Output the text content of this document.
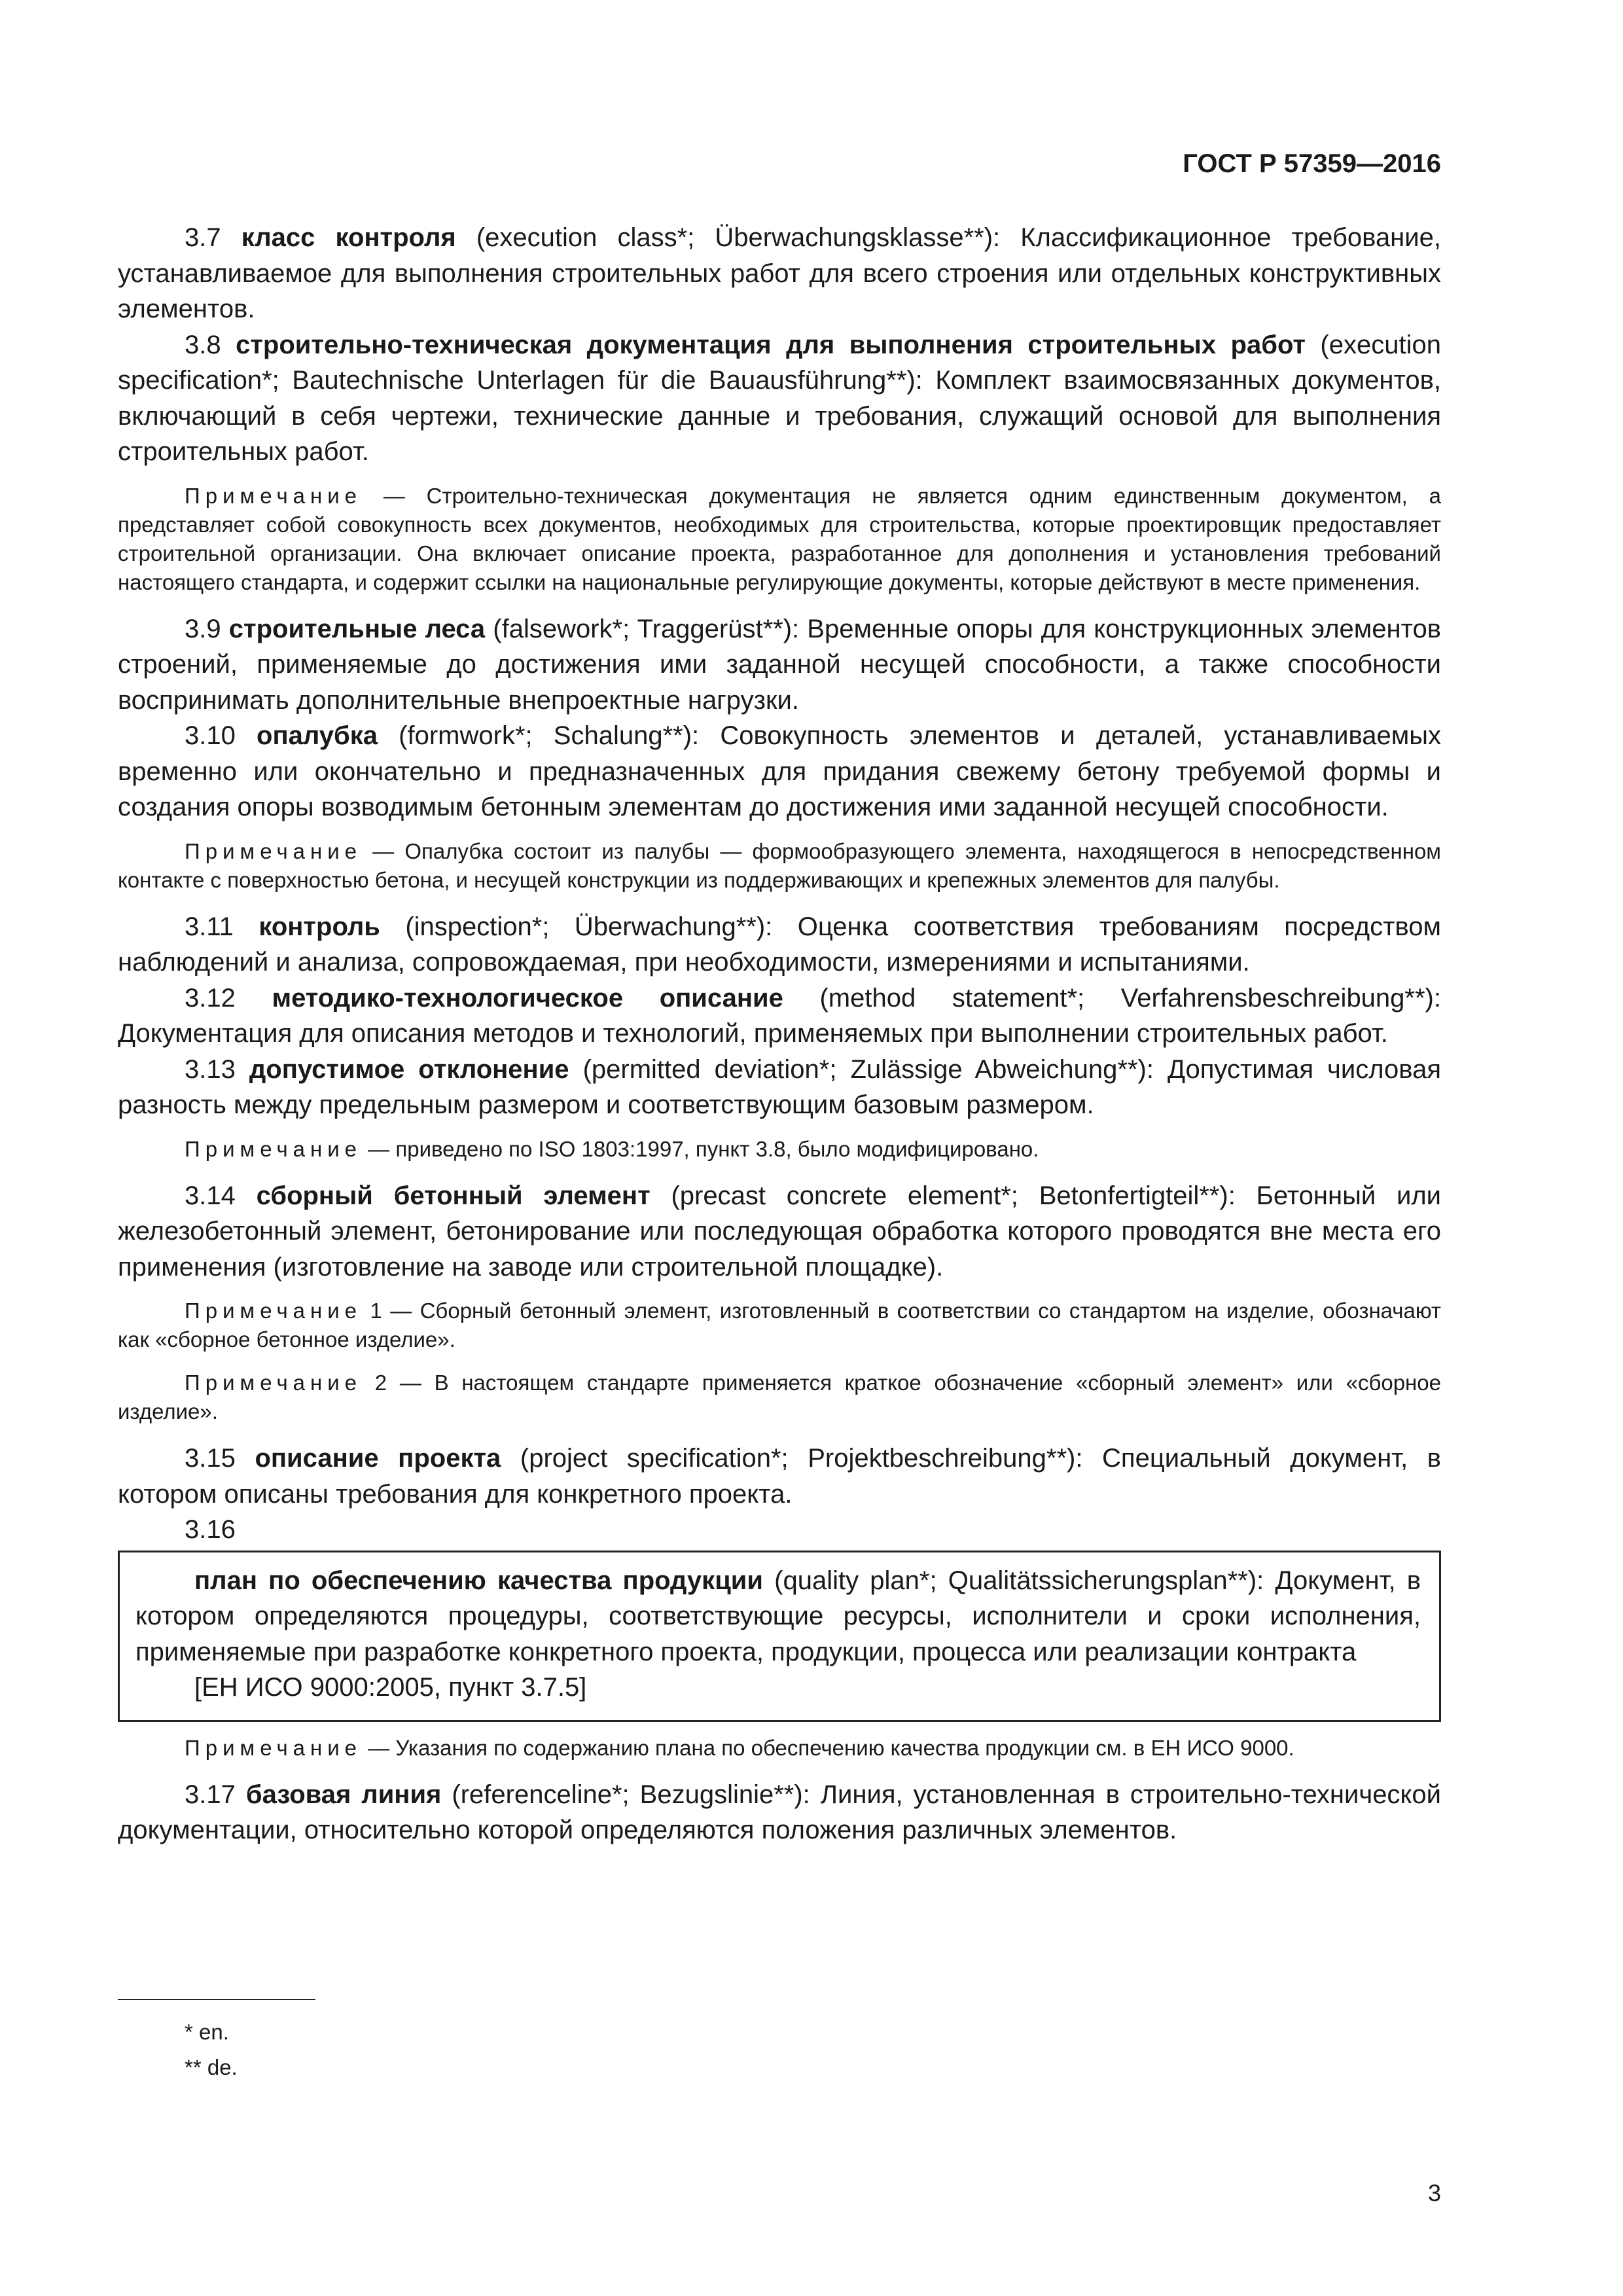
ГОСТ Р 57359—2016

3.7 класс контроля (execution class*; Überwachungsklasse**): Классификационное требование, устанавливаемое для выполнения строительных работ для всего строения или отдельных конструктивных элементов.

3.8 строительно-техническая документация для выполнения строительных работ (execution specification*; Bautechnische Unterlagen für die Bauausführung**): Комплект взаимосвязанных документов, включающий в себя чертежи, технические данные и требования, служащий основой для выполнения строительных работ.

Примечание — Строительно-техническая документация не является одним единственным документом, а представляет собой совокупность всех документов, необходимых для строительства, которые проектировщик предоставляет строительной организации. Она включает описание проекта, разработанное для дополнения и установления требований настоящего стандарта, и содержит ссылки на национальные регулирующие документы, которые действуют в месте применения.

3.9 строительные леса (falsework*; Traggerüst**): Временные опоры для конструкционных элементов строений, применяемые до достижения ими заданной несущей способности, а также способности воспринимать дополнительные внепроектные нагрузки.

3.10 опалубка (formwork*; Schalung**): Совокупность элементов и деталей, устанавливаемых временно или окончательно и предназначенных для придания свежему бетону требуемой формы и создания опоры возводимым бетонным элементам до достижения ими заданной несущей способности.

Примечание — Опалубка состоит из палубы — формообразующего элемента, находящегося в непосредственном контакте с поверхностью бетона, и несущей конструкции из поддерживающих и крепежных элементов для палубы.

3.11 контроль (inspection*; Überwachung**): Оценка соответствия требованиям посредством наблюдений и анализа, сопровождаемая, при необходимости, измерениями и испытаниями.

3.12 методико-технологическое описание (method statement*; Verfahrensbeschreibung**): Документация для описания методов и технологий, применяемых при выполнении строительных работ.

3.13 допустимое отклонение (permitted deviation*; Zulässige Abweichung**): Допустимая числовая разность между предельным размером и соответствующим базовым размером.

Примечание — приведено по ISO 1803:1997, пункт 3.8, было модифицировано.

3.14 сборный бетонный элемент (precast concrete element*; Betonfertigteil**): Бетонный или железобетонный элемент, бетонирование или последующая обработка которого проводятся вне места его применения (изготовление на заводе или строительной площадке).

Примечание 1 — Сборный бетонный элемент, изготовленный в соответствии со стандартом на изделие, обозначают как «сборное бетонное изделие».

Примечание 2 — В настоящем стандарте применяется краткое обозначение «сборный элемент» или «сборное изделие».

3.15 описание проекта (project specification*; Projektbeschreibung**): Специальный документ, в котором описаны требования для конкретного проекта.

3.16

план по обеспечению качества продукции (quality plan*; Qualitätssicherungsplan**): Документ, в котором определяются процедуры, соответствующие ресурсы, исполнители и сроки исполнения, применяемые при разработке конкретного проекта, продукции, процесса или реализации контракта

[ЕН ИСО 9000:2005, пункт 3.7.5]

Примечание — Указания по содержанию плана по обеспечению качества продукции см. в ЕН ИСО 9000.

3.17 базовая линия (referenceline*; Bezugslinie**): Линия, установленная в строительно-технической документации, относительно которой определяются положения различных элементов.

* en.
** de.
3
